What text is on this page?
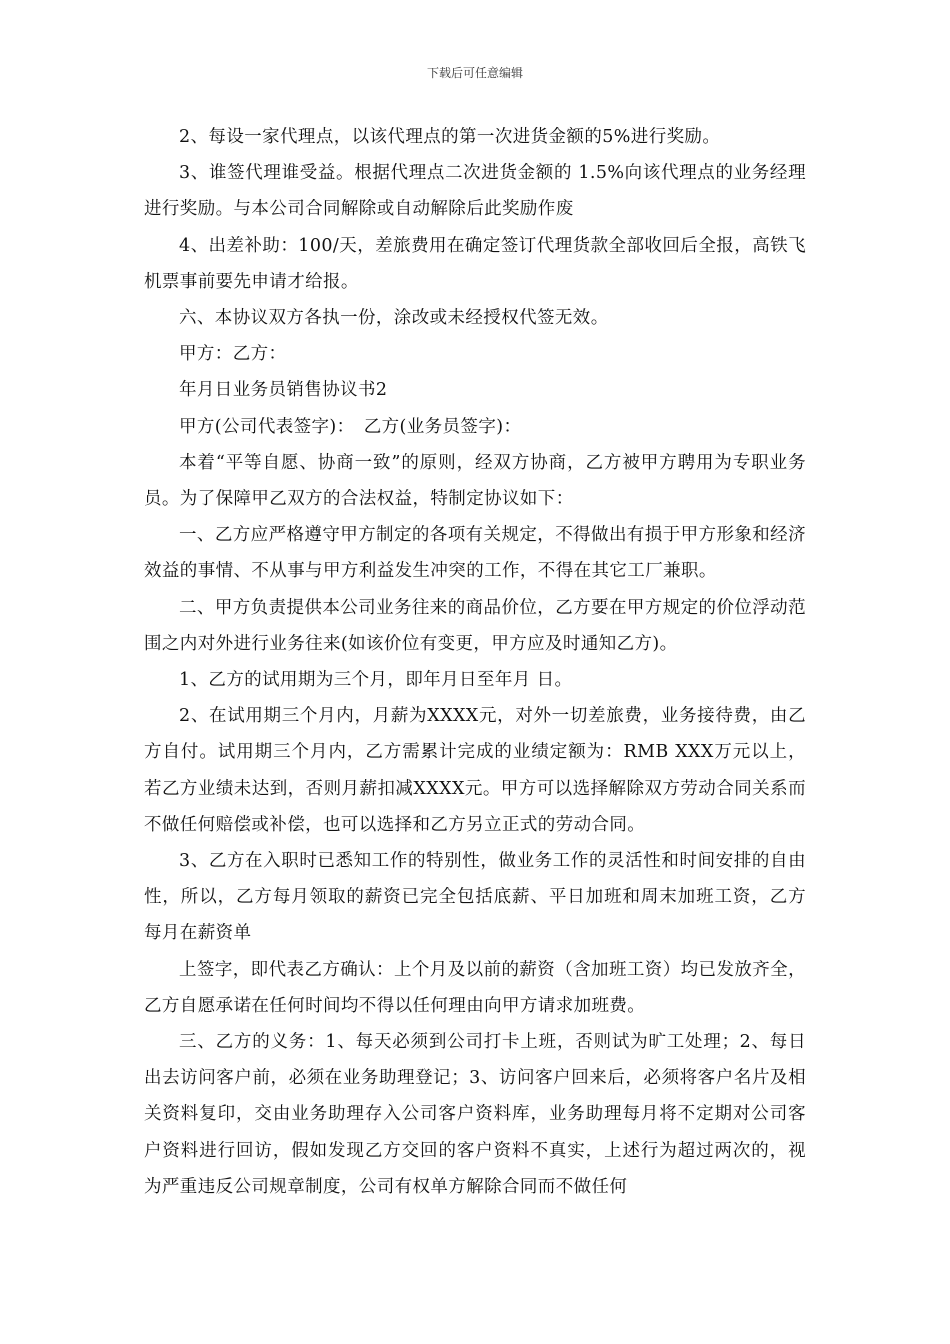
下载后可任意编辑

2、每设一家代理点，以该代理点的第一次进货金额的5%进行奖励。

3、谁签代理谁受益。根据代理点二次进货金额的 1.5%向该代理点的业务经理进行奖励。与本公司合同解除或自动解除后此奖励作废

4、出差补助：100/天，差旅费用在确定签订代理货款全部收回后全报，高铁飞机票事前要先申请才给报。

六、本协议双方各执一份，涂改或未经授权代签无效。

甲方：乙方：

年月日业务员销售协议书2

甲方(公司代表签字)：　乙方(业务员签字)：

本着“平等自愿、协商一致”的原则，经双方协商，乙方被甲方聘用为专职业务员。为了保障甲乙双方的合法权益，特制定协议如下：

一、乙方应严格遵守甲方制定的各项有关规定，不得做出有损于甲方形象和经济效益的事情、不从事与甲方利益发生冲突的工作，不得在其它工厂兼职。

二、甲方负责提供本公司业务往来的商品价位，乙方要在甲方规定的价位浮动范围之内对外进行业务往来(如该价位有变更，甲方应及时通知乙方)。

1、乙方的试用期为三个月，即年月日至年月 日。

2、在试用期三个月内，月薪为XXXX元，对外一切差旅费，业务接待费，由乙方自付。试用期三个月内，乙方需累计完成的业绩定额为：RMB XXX万元以上，若乙方业绩未达到，否则月薪扣减XXXX元。甲方可以选择解除双方劳动合同关系而不做任何赔偿或补偿，也可以选择和乙方另立正式的劳动合同。

3、乙方在入职时已悉知工作的特别性，做业务工作的灵活性和时间安排的自由性，所以，乙方每月领取的薪资已完全包括底薪、平日加班和周末加班工资，乙方每月在薪资单

上签字，即代表乙方确认：上个月及以前的薪资（含加班工资）均已发放齐全，乙方自愿承诺在任何时间均不得以任何理由向甲方请求加班费。

三、乙方的义务：1、每天必须到公司打卡上班，否则试为旷工处理；2、每日出去访问客户前，必须在业务助理登记；3、访问客户回来后，必须将客户名片及相关资料复印，交由业务助理存入公司客户资料库，业务助理每月将不定期对公司客户资料进行回访，假如发现乙方交回的客户资料不真实，上述行为超过两次的，视为严重违反公司规章制度，公司有权单方解除合同而不做任何
